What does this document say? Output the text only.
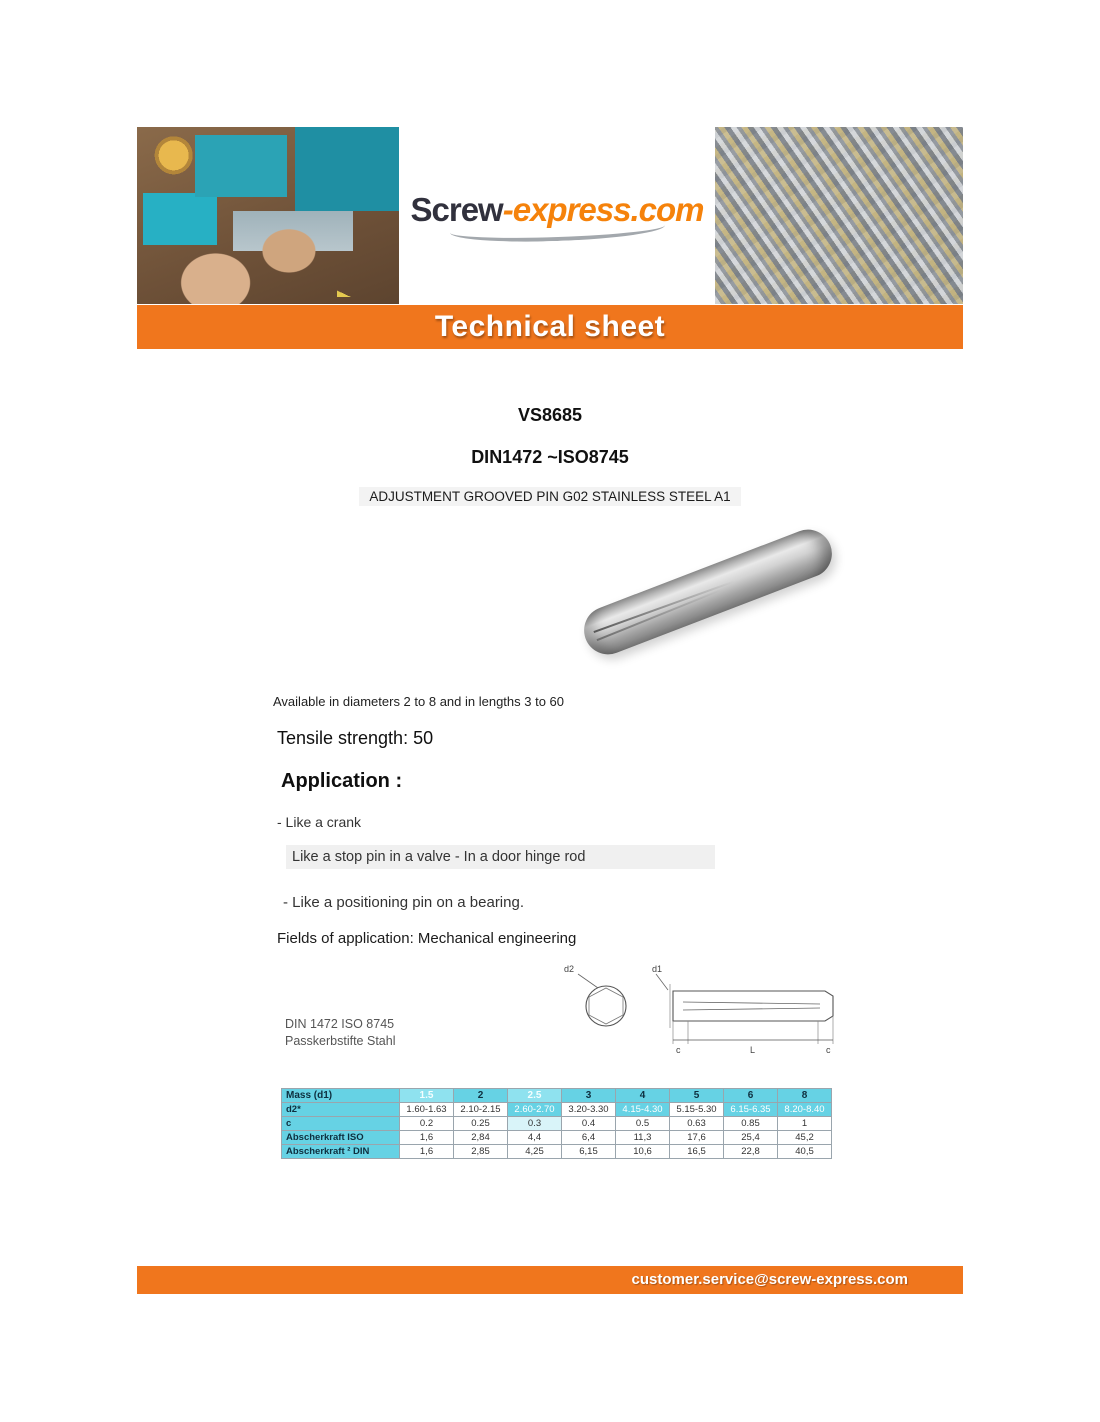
Screw-express.com
Technical sheet
VS8685
DIN1472 ~ISO8745
ADJUSTMENT GROOVED PIN G02 STAINLESS STEEL A1
Available in diameters 2 to 8 and in lengths 3 to 60
Tensile strength: 50
Application :
- Like a crank
Like a stop pin in a valve - In a door hinge rod
- Like a positioning pin on a bearing.
Fields of application: Mechanical engineering
d2	d1
c	L	c
DIN 1472 ISO 8745
Passkerbstifte Stahl
Mass (d1)	1.5	2	2.5	3	4	5	6	8
d2*	1.60-1.63	2.10-2.15	2.60-2.70	3.20-3.30	4.15-4.30	5.15-5.30	6.15-6.35	8.20-8.40
c	0.2	0.25	0.3	0.4	0.5	0.63	0.85	1
Abscherkraft ISO	1,6	2,84	4,4	6,4	11,3	17,6	25,4	45,2
Abscherkraft ² DIN	1,6	2,85	4,25	6,15	10,6	16,5	22,8	40,5
customer.service@screw-express.com
